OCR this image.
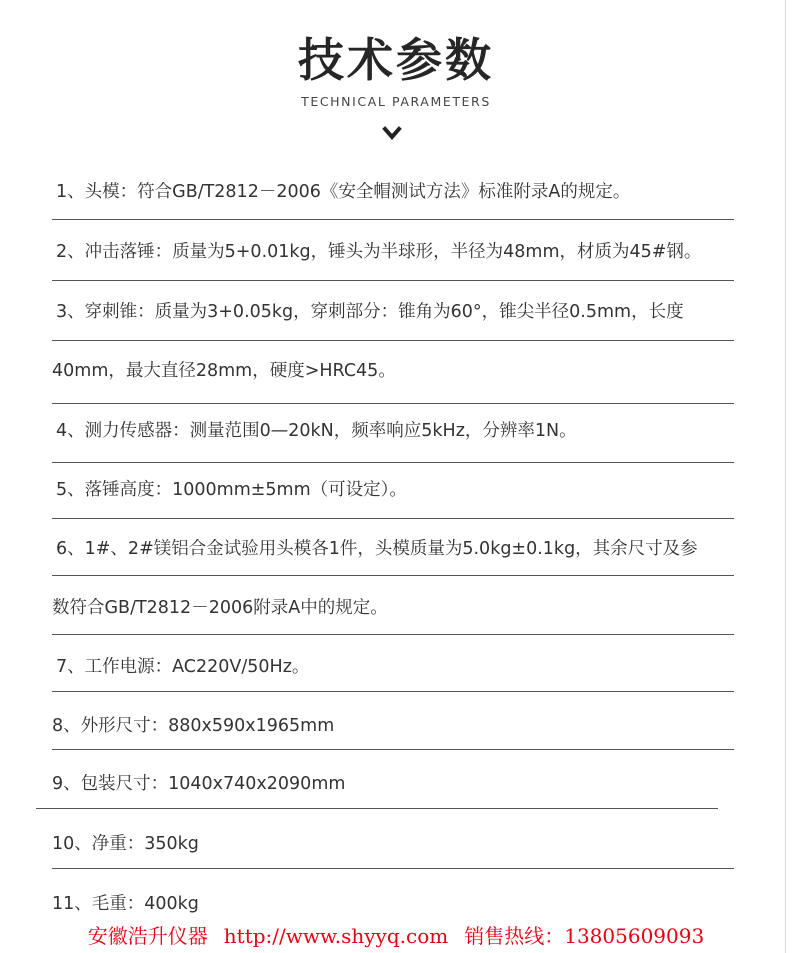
技术参数
TECHNICAL PARAMETERS
1、头模：符合GB/T2812－2006《安全帽测试方法》标准附录A的规定。
2、冲击落锤：质量为5+0.01kg，锤头为半球形，半径为48mm，材质为45#钢。
3、穿刺锥：质量为3+0.05kg，穿刺部分：锥角为60°，锥尖半径0.5mm，长度
40mm，最大直径28mm，硬度>HRC45。
4、测力传感器：测量范围0—20kN，频率响应5kHz，分辨率1N。
5、落锤高度：1000mm±5mm（可设定）。
6、1#、2#镁铝合金试验用头模各1件，头模质量为5.0kg±0.1kg，其余尺寸及参
数符合GB/T2812－2006附录A中的规定。
7、工作电源：AC220V/50Hz。
8、外形尺寸：880x590x1965mm
9、包装尺寸：1040x740x2090mm
10、净重：350kg
11、毛重：400kg
安徽浩升仪器 http://www.shyyq.com 销售热线：13805609093
